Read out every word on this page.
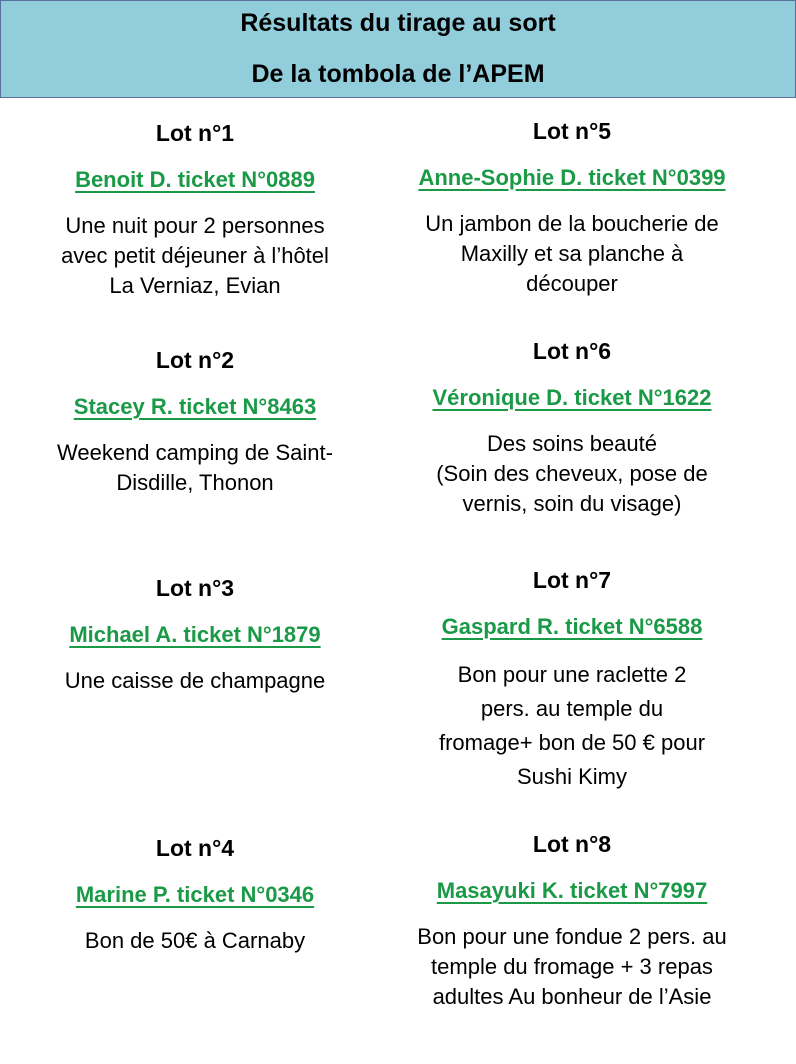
Résultats du tirage au sort
De la tombola de l’APEM
Lot n°1
Benoit D. ticket N°0889
Une nuit pour 2 personnes
avec petit déjeuner à l’hôtel
La Verniaz, Evian
Lot n°2
Stacey R. ticket N°8463
Weekend camping de Saint-
Disdille, Thonon
Lot n°3
Michael A. ticket N°1879
Une caisse de champagne
Lot n°4
Marine P. ticket N°0346
Bon de 50€ à Carnaby
Lot n°5
Anne-Sophie D. ticket N°0399
Un jambon de la boucherie de
Maxilly et sa planche à
découper
Lot n°6
Véronique D. ticket N°1622
Des soins beauté
(Soin des cheveux, pose de
vernis, soin du visage)
Lot n°7
Gaspard R. ticket N°6588
Bon pour une raclette 2
pers. au temple du
fromage+ bon de 50 € pour
Sushi Kimy
Lot n°8
Masayuki K. ticket N°7997
Bon pour une fondue 2 pers. au
temple du fromage + 3 repas
adultes Au bonheur de l’Asie
